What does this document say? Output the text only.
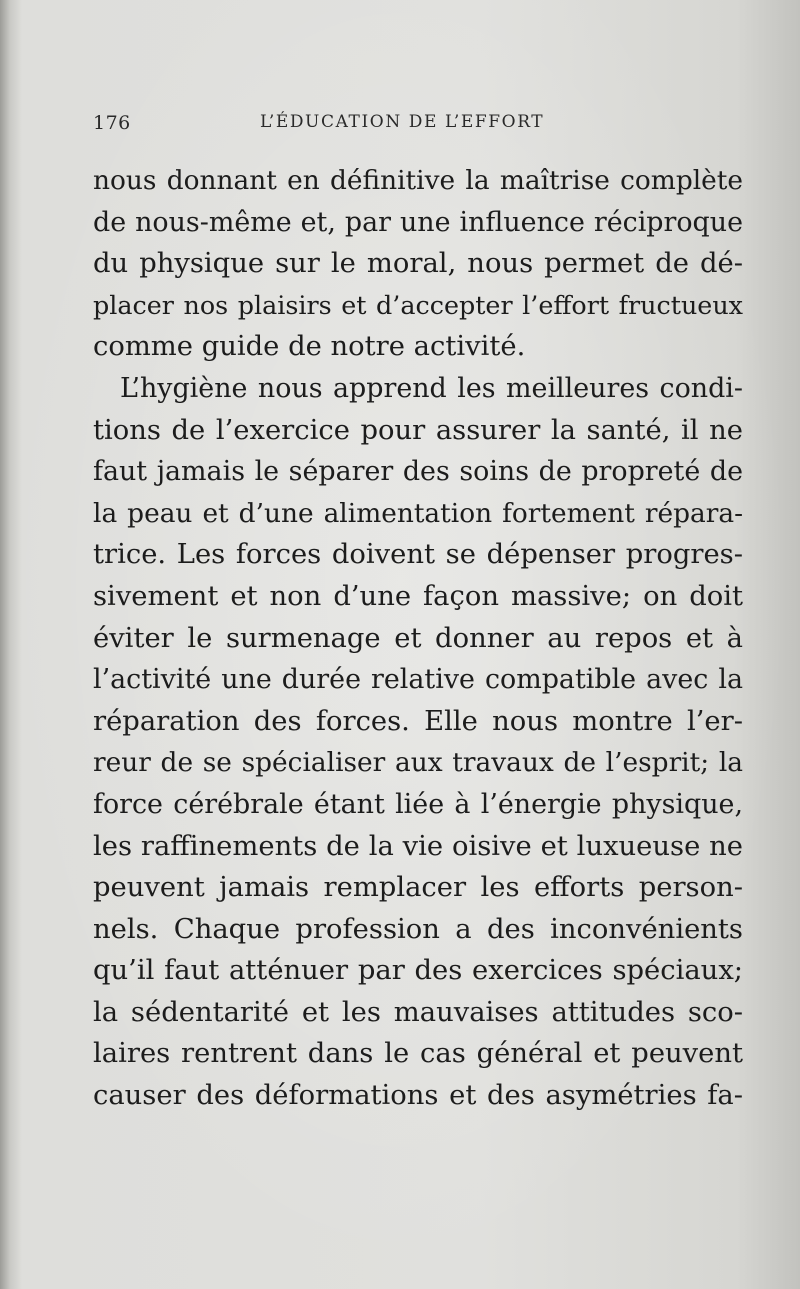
176	L’ÉDUCATION DE L’EFFORT
nous donnant en définitive la maîtrise complète
de nous-même et, par une influence réciproque
du physique sur le moral, nous permet de dé-
placer nos plaisirs et d’accepter l’effort fructueux
comme guide de notre activité.
L’hygiène nous apprend les meilleures condi-
tions de l’exercice pour assurer la santé, il ne
faut jamais le séparer des soins de propreté de
la peau et d’une alimentation fortement répara-
trice. Les forces doivent se dépenser progres-
sivement et non d’une façon massive; on doit
éviter le surmenage et donner au repos et à
l’activité une durée relative compatible avec la
réparation des forces. Elle nous montre l’er-
reur de se spécialiser aux travaux de l’esprit; la
force cérébrale étant liée à l’énergie physique,
les raffinements de la vie oisive et luxueuse ne
peuvent jamais remplacer les efforts person-
nels. Chaque profession a des inconvénients
qu’il faut atténuer par des exercices spéciaux;
la sédentarité et les mauvaises attitudes sco-
laires rentrent dans le cas général et peuvent
causer des déformations et des asymétries fa-
